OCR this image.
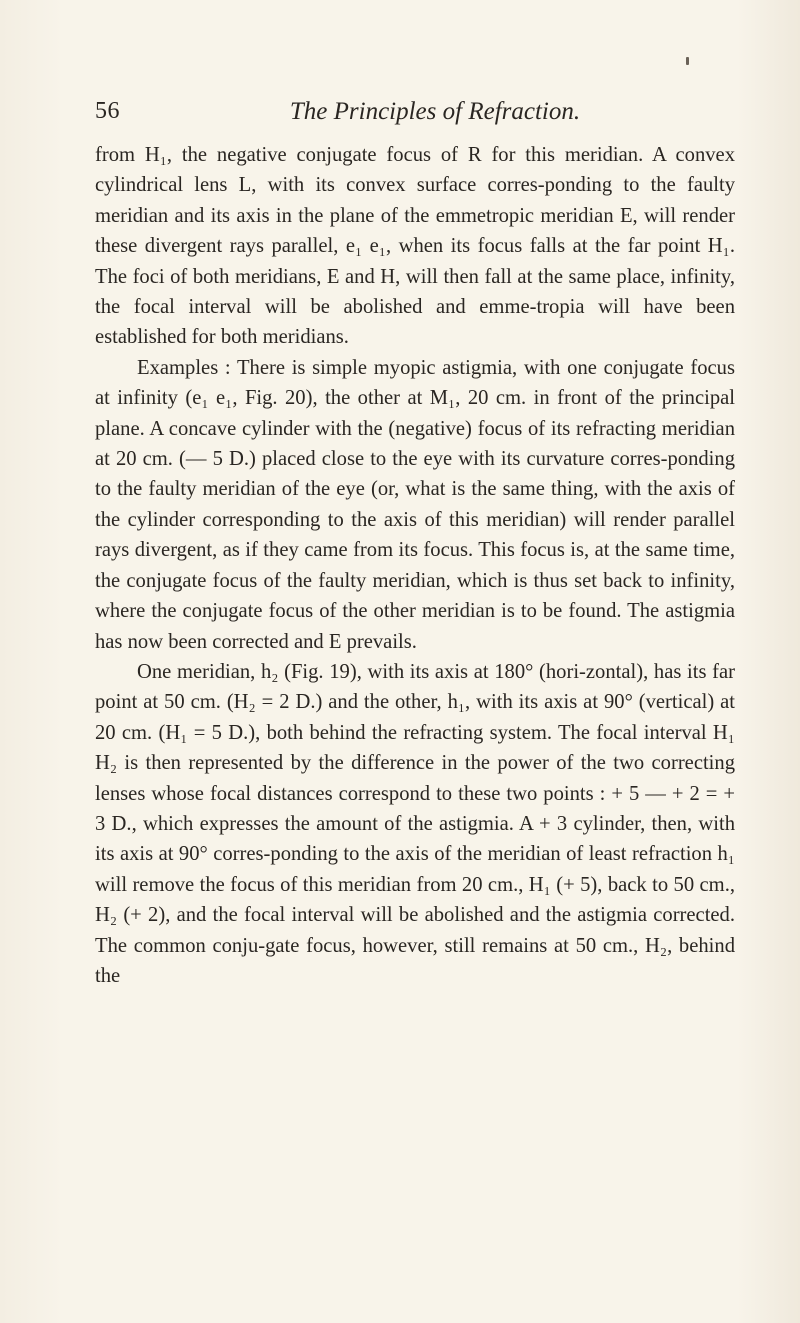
56	The Principles of Refraction.

from H₁, the negative conjugate focus of R for this meridian. A convex cylindrical lens L, with its convex surface corres-ponding to the faulty meridian and its axis in the plane of the emmetropic meridian E, will render these divergent rays parallel, e₁ e₁, when its focus falls at the far point H₁. The foci of both meridians, E and H, will then fall at the same place, infinity, the focal interval will be abolished and emme-tropia will have been established for both meridians.

Examples : There is simple myopic astigmia, with one conjugate focus at infinity (e₁ e₁, Fig. 20), the other at M₁, 20 cm. in front of the principal plane. A concave cylinder with the (negative) focus of its refracting meridian at 20 cm. (— 5 D.) placed close to the eye with its curvature corres-ponding to the faulty meridian of the eye (or, what is the same thing, with the axis of the cylinder corresponding to the axis of this meridian) will render parallel rays divergent, as if they came from its focus. This focus is, at the same time, the conjugate focus of the faulty meridian, which is thus set back to infinity, where the conjugate focus of the other meridian is to be found. The astigmia has now been corrected and E prevails.

One meridian, h₂ (Fig. 19), with its axis at 180° (hori-zontal), has its far point at 50 cm. (H₂ = 2 D.) and the other, h₁, with its axis at 90° (vertical) at 20 cm. (H₁ = 5 D.), both behind the refracting system. The focal interval H₁ H₂ is then represented by the difference in the power of the two correcting lenses whose focal distances correspond to these two points : + 5 — + 2 = + 3 D., which expresses the amount of the astigmia. A + 3 cylinder, then, with its axis at 90° corres-ponding to the axis of the meridian of least refraction h₁ will remove the focus of this meridian from 20 cm., H₁ (+ 5), back to 50 cm., H₂ (+ 2), and the focal interval will be abolished and the astigmia corrected. The common conju-gate focus, however, still remains at 50 cm., H₂, behind the
